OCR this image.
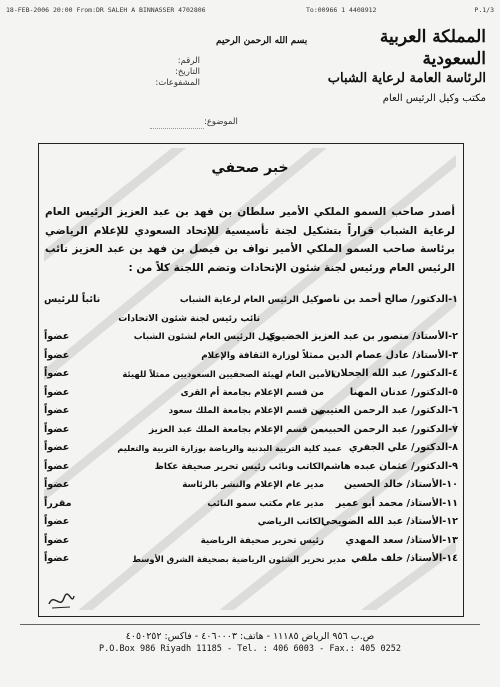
18-FEB-2006 20:00 From:DR SALEH A BINNASSER 4702806	To:00966 1 4408912	P.1/3
المملكة العربية السعودية
الرئاسة العامة لرعاية الشباب
مكتب وكيل الرئيس العام
بسم الله الرحمن الرحيم
الرقم:
التاريخ:
المشفوعات:
الموضوع:
خبر صحفي
أصدر صاحب السمو الملكي الأمير سلطان بن فهد بن عبد العزيز الرئيس العام لرعاية الشباب قراراً بتشكيل لجنة تأسيسية للإتحاد السعودي للإعلام الرياضي برئاسة صاحب السمو الملكي الأمير نواف بن فيصل بن فهد بن عبد العزيز نائب الرئيس العام ورئيس لجنة شئون الإتحادات وتضم اللجنة كلاً من :
١-الدكتور/ صالح أحمد بن ناصر
وكيل الرئيس العام لرعاية الشباب
نائباً للرئيس
نائب رئيس لجنة شئون الاتحادات
٢-الأستاذ/ منصور بن عبد العزيز الخضيري
وكيل الرئيس العام لشئون الشباب
عضواً
٣-الأستاذ/ عادل عصام الدين
ممثلاً لوزارة الثقافة والإعلام
عضواً
٤-الدكتور/ عبد الله الجحلان
الأمين العام لهيئة الصحفيين السعوديين ممثلاً للهيئة
عضواً
٥-الدكتور/ عدنان المهنا
من قسم الإعلام بجامعة أم القرى
عضواً
٦-الدكتور/ عبد الرحمن العتيبي
من قسم الإعلام بجامعة الملك سعود
عضواً
٧-الدكتور/ عبد الرحمن الحبيب
من قسم الإعلام بجامعة الملك عبد العزيز
عضواً
٨-الدكتور/ علي الجفري
عميد كلية التربية البدنية والرياضة بوزارة التربية والتعليم
عضواً
٩-الدكتور/ عثمان عبده هاشم
الكاتب ونائب رئيس تحرير صحيفة عكاظ
عضواً
١٠-الأستاذ/ خالد الحسين
مدير عام الإعلام والنشر بالرئاسة
عضواً
١١-الأستاذ/ محمد أبو عمير
مدير عام مكتب سمو النائب
مقرراً
١٢-الأستاذ/ عبد الله الضويحي
الكاتب الرياضي
عضواً
١٣-الأستاذ/ سعد المهدي
رئيس تحرير صحيفة الرياضية
عضواً
١٤-الأستاذ/ خلف ملفي
مدير تحرير الشئون الرياضية بصحيفة الشرق الأوسط
عضواً
ص.ب ٩٥٦ الرياض ١١١٨٥ - هاتف: ٤٠٦٠٠٠٣ - فاكس: ٤٠٥٠٢٥٢
P.O.Box 986 Riyadh 11185 - Tel. : 406 6003 - Fax.: 405 0252
